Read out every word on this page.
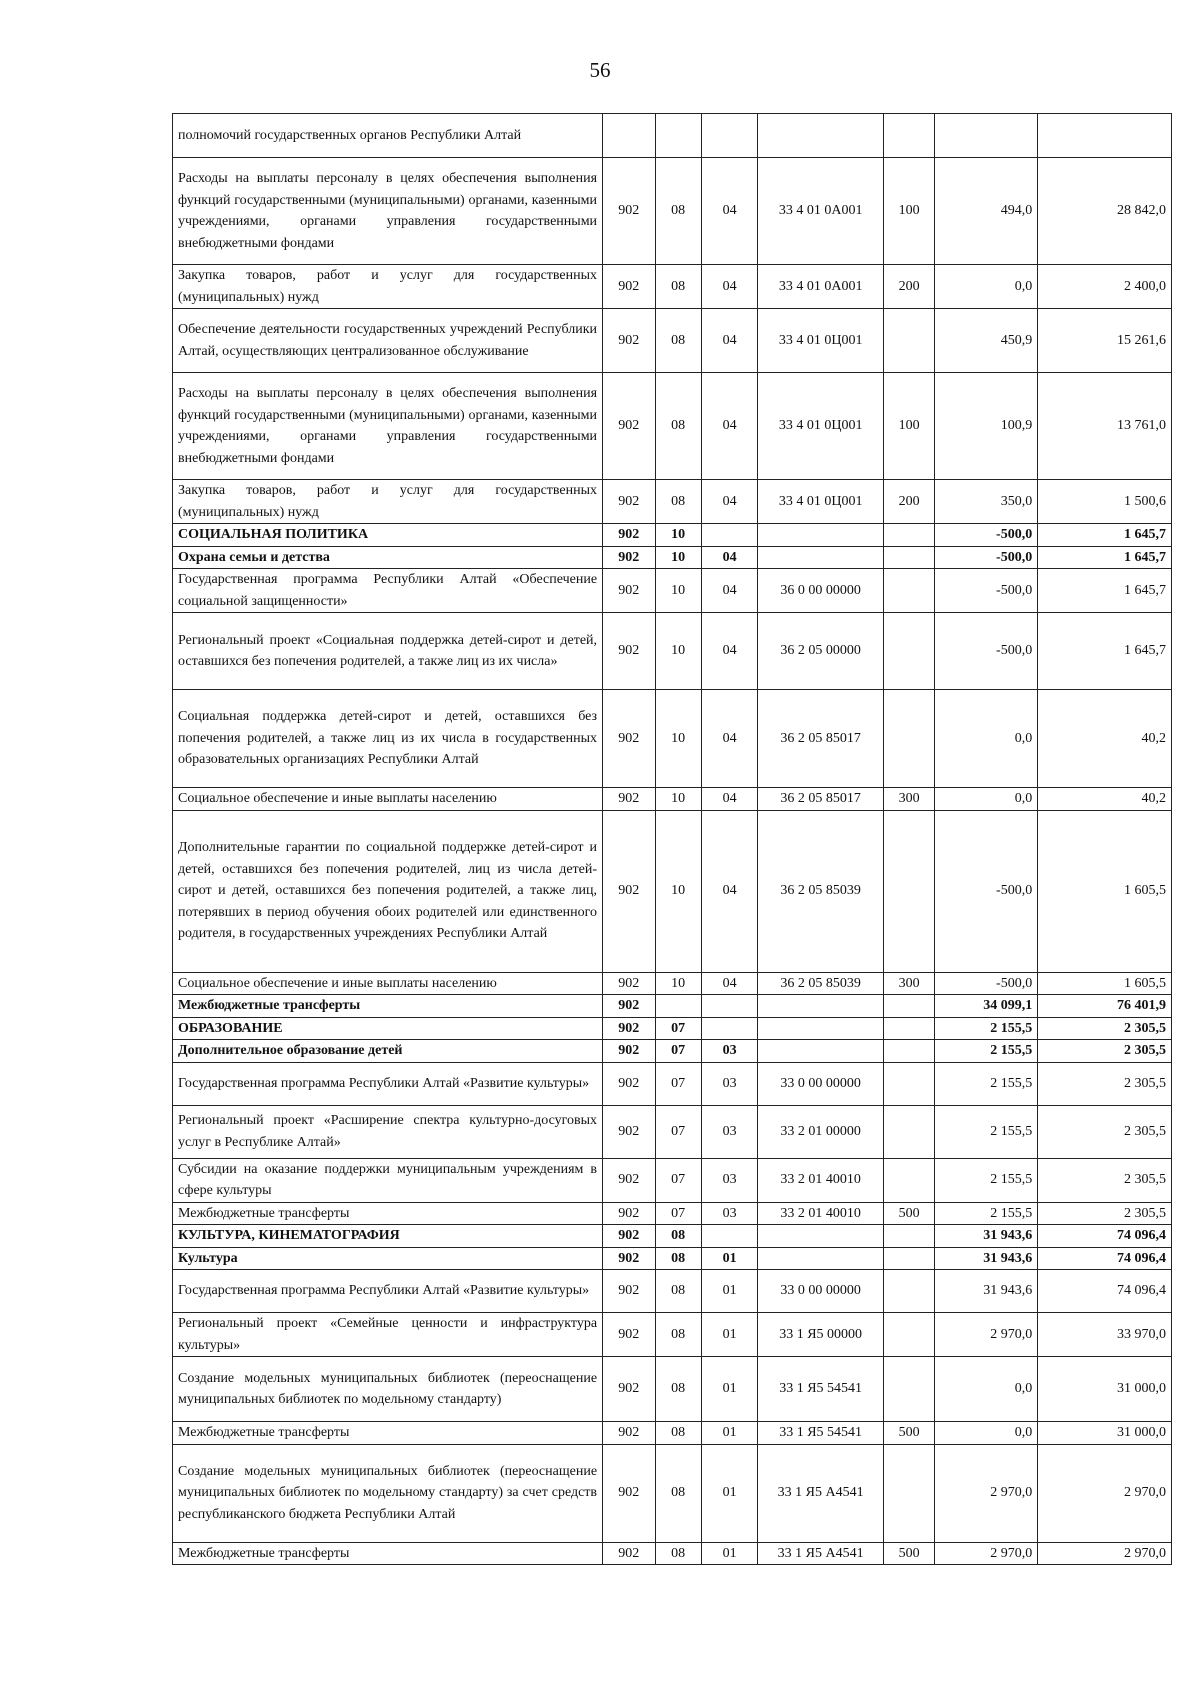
56
полномочий государственных органов Республики Алтай							
Расходы на выплаты персоналу в целях обеспечения выполнения функций государственными (муниципальными) органами, казенными учреждениями, органами управления государственными внебюджетными фондами	902	08	04	33 4 01 0А001	100	494,0	28 842,0
Закупка товаров, работ и услуг для государственных (муниципальных) нужд	902	08	04	33 4 01 0А001	200	0,0	2 400,0
Обеспечение деятельности государственных учреждений Республики Алтай, осуществляющих централизованное обслуживание	902	08	04	33 4 01 0Ц001		450,9	15 261,6
Расходы на выплаты персоналу в целях обеспечения выполнения функций государственными (муниципальными) органами, казенными учреждениями, органами управления государственными внебюджетными фондами	902	08	04	33 4 01 0Ц001	100	100,9	13 761,0
Закупка товаров, работ и услуг для государственных (муниципальных) нужд	902	08	04	33 4 01 0Ц001	200	350,0	1 500,6
СОЦИАЛЬНАЯ ПОЛИТИКА	902	10				-500,0	1 645,7
Охрана семьи и детства	902	10	04			-500,0	1 645,7
Государственная программа Республики Алтай «Обеспечение социальной защищенности»	902	10	04	36 0 00 00000		-500,0	1 645,7
Региональный проект «Социальная поддержка детей-сирот и детей, оставшихся без попечения родителей, а также лиц из их числа»	902	10	04	36 2 05 00000		-500,0	1 645,7
Социальная поддержка детей-сирот и детей, оставшихся без попечения родителей, а также лиц из их числа в государственных образовательных организациях Республики Алтай	902	10	04	36 2 05 85017		0,0	40,2
Социальное обеспечение и иные выплаты населению	902	10	04	36 2 05 85017	300	0,0	40,2
Дополнительные гарантии по социальной поддержке детей-сирот и детей, оставшихся без попечения родителей, лиц из числа детей-сирот и детей, оставшихся без попечения родителей, а также лиц, потерявших в период обучения обоих родителей или единственного родителя, в государственных учреждениях Республики Алтай	902	10	04	36 2 05 85039		-500,0	1 605,5
Социальное обеспечение и иные выплаты населению	902	10	04	36 2 05 85039	300	-500,0	1 605,5
Межбюджетные трансферты	902					34 099,1	76 401,9
ОБРАЗОВАНИЕ	902	07				2 155,5	2 305,5
Дополнительное образование детей	902	07	03			2 155,5	2 305,5
Государственная программа Республики Алтай «Развитие культуры»	902	07	03	33 0 00 00000		2 155,5	2 305,5
Региональный проект «Расширение спектра культурно-досуговых услуг в Республике Алтай»	902	07	03	33 2 01 00000		2 155,5	2 305,5
Субсидии на оказание поддержки муниципальным учреждениям в сфере культуры	902	07	03	33 2 01 40010		2 155,5	2 305,5
Межбюджетные трансферты	902	07	03	33 2 01 40010	500	2 155,5	2 305,5
КУЛЬТУРА, КИНЕМАТОГРАФИЯ	902	08				31 943,6	74 096,4
Культура	902	08	01			31 943,6	74 096,4
Государственная программа Республики Алтай «Развитие культуры»	902	08	01	33 0 00 00000		31 943,6	74 096,4
Региональный проект «Семейные ценности и инфраструктура культуры»	902	08	01	33 1 Я5 00000		2 970,0	33 970,0
Создание модельных муниципальных библиотек (переоснащение муниципальных библиотек по модельному стандарту)	902	08	01	33 1 Я5 54541		0,0	31 000,0
Межбюджетные трансферты	902	08	01	33 1 Я5 54541	500	0,0	31 000,0
Создание модельных муниципальных библиотек (переоснащение муниципальных библиотек по модельному стандарту) за счет средств республиканского бюджета Республики Алтай	902	08	01	33 1 Я5 А4541		2 970,0	2 970,0
Межбюджетные трансферты	902	08	01	33 1 Я5 А4541	500	2 970,0	2 970,0
